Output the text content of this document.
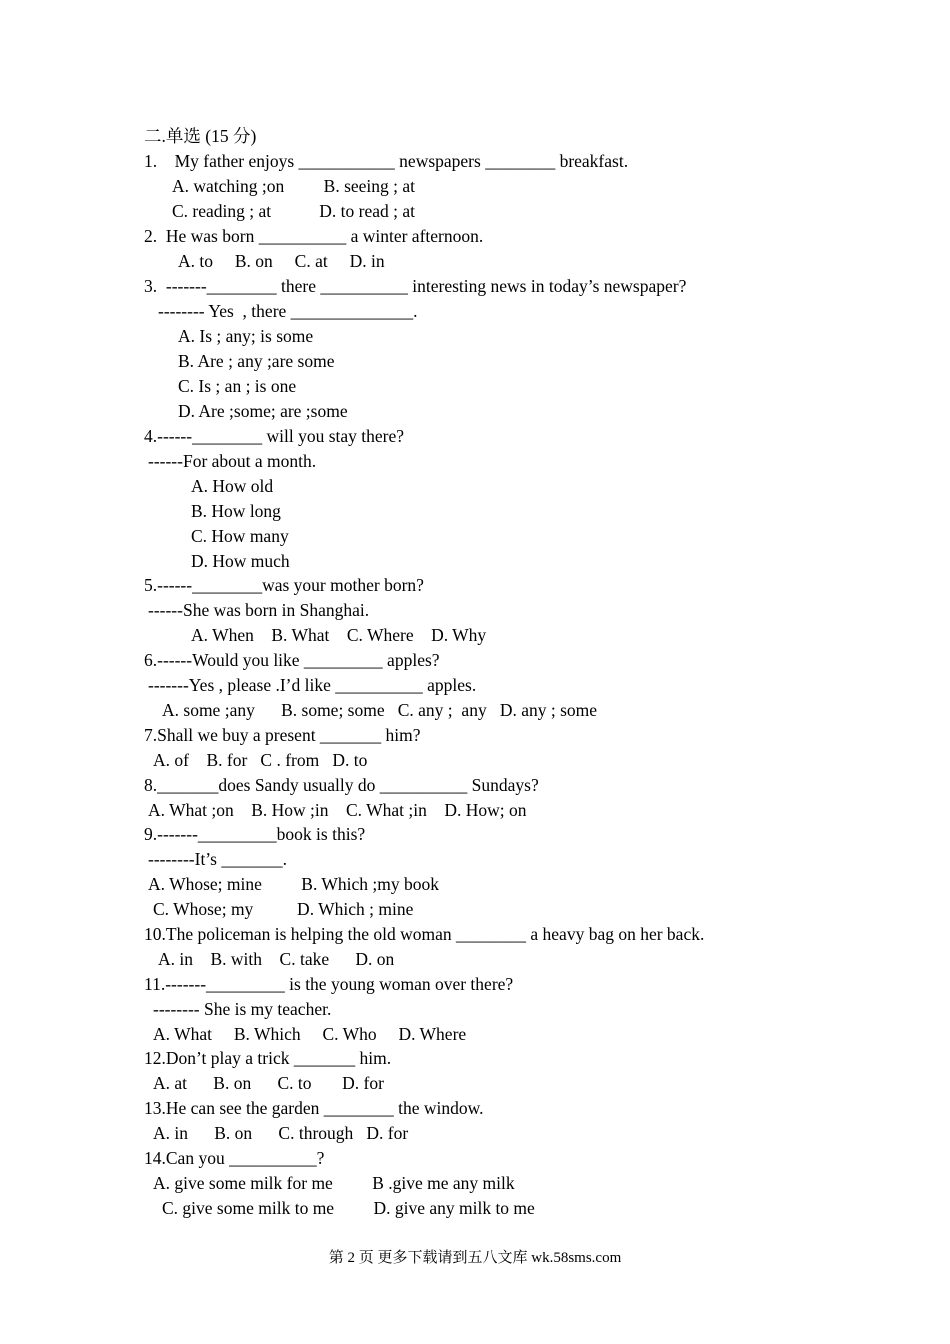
二.单选 (15 分)
1.    My father enjoys ___________ newspapers ________ breakfast.
A. watching ;on         B. seeing ; at
C. reading ; at           D. to read ; at
2.  He was born __________ a winter afternoon.
A. to     B. on     C. at     D. in
3.  -------________ there __________ interesting news in today’s newspaper?
-------- Yes  , there ______________.
A. Is ; any; is some
B. Are ; any ;are some
C. Is ; an ; is one
D. Are ;some; are ;some
4.------________ will you stay there?
------For about a month.
A. How old
B. How long
C. How many
D. How much
5.------________was your mother born?
------She was born in Shanghai.
A. When    B. What    C. Where    D. Why
6.------Would you like _________ apples?
-------Yes , please .I’d like __________ apples.
A. some ;any      B. some; some   C. any ;  any   D. any ; some
7.Shall we buy a present _______ him?
A. of    B. for   C . from   D. to
8._______does Sandy usually do __________ Sundays?
A. What ;on    B. How ;in    C. What ;in    D. How; on
9.-------_________book is this?
--------It’s _______.
A. Whose; mine         B. Which ;my book
C. Whose; my          D. Which ; mine
10.The policeman is helping the old woman ________ a heavy bag on her back.
A. in    B. with    C. take      D. on
11.-------_________ is the young woman over there?
-------- She is my teacher.
A. What     B. Which     C. Who     D. Where
12.Don’t play a trick _______ him.
A. at      B. on      C. to       D. for
13.He can see the garden ________ the window.
A. in      B. on      C. through   D. for
14.Can you __________?
A. give some milk for me         B .give me any milk
C. give some milk to me         D. give any milk to me
第 2 页 更多下载请到五八文库 wk.58sms.com
